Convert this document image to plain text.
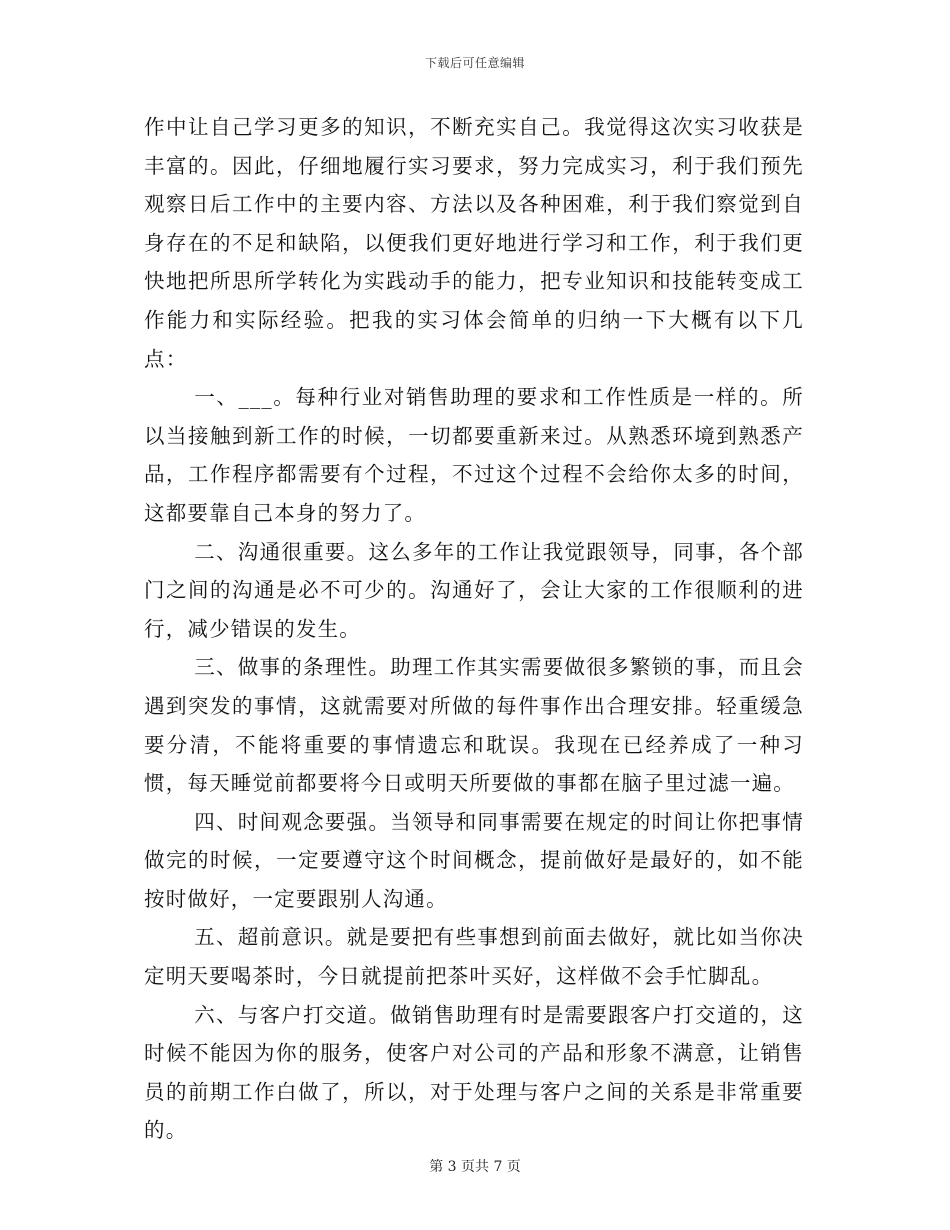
下载后可任意编辑

作中让自己学习更多的知识，不断充实自己。我觉得这次实习收获是丰富的。因此，仔细地履行实习要求，努力完成实习，利于我们预先观察日后工作中的主要内容、方法以及各种困难，利于我们察觉到自身存在的不足和缺陷，以便我们更好地进行学习和工作，利于我们更快地把所思所学转化为实践动手的能力，把专业知识和技能转变成工作能力和实际经验。把我的实习体会简单的归纳一下大概有以下几点：

一、___。每种行业对销售助理的要求和工作性质是一样的。所以当接触到新工作的时候，一切都要重新来过。从熟悉环境到熟悉产品，工作程序都需要有个过程，不过这个过程不会给你太多的时间，这都要靠自己本身的努力了。

二、沟通很重要。这么多年的工作让我觉跟领导，同事，各个部门之间的沟通是必不可少的。沟通好了，会让大家的工作很顺利的进行，减少错误的发生。

三、做事的条理性。助理工作其实需要做很多繁锁的事，而且会遇到突发的事情，这就需要对所做的每件事作出合理安排。轻重缓急要分清，不能将重要的事情遗忘和耽误。我现在已经养成了一种习惯，每天睡觉前都要将今日或明天所要做的事都在脑子里过滤一遍。

四、时间观念要强。当领导和同事需要在规定的时间让你把事情做完的时候，一定要遵守这个时间概念，提前做好是最好的，如不能按时做好，一定要跟别人沟通。

五、超前意识。就是要把有些事想到前面去做好，就比如当你决定明天要喝茶时，今日就提前把茶叶买好，这样做不会手忙脚乱。

六、与客户打交道。做销售助理有时是需要跟客户打交道的，这时候不能因为你的服务，使客户对公司的产品和形象不满意，让销售员的前期工作白做了，所以，对于处理与客户之间的关系是非常重要的。

第 3 页共 7 页
